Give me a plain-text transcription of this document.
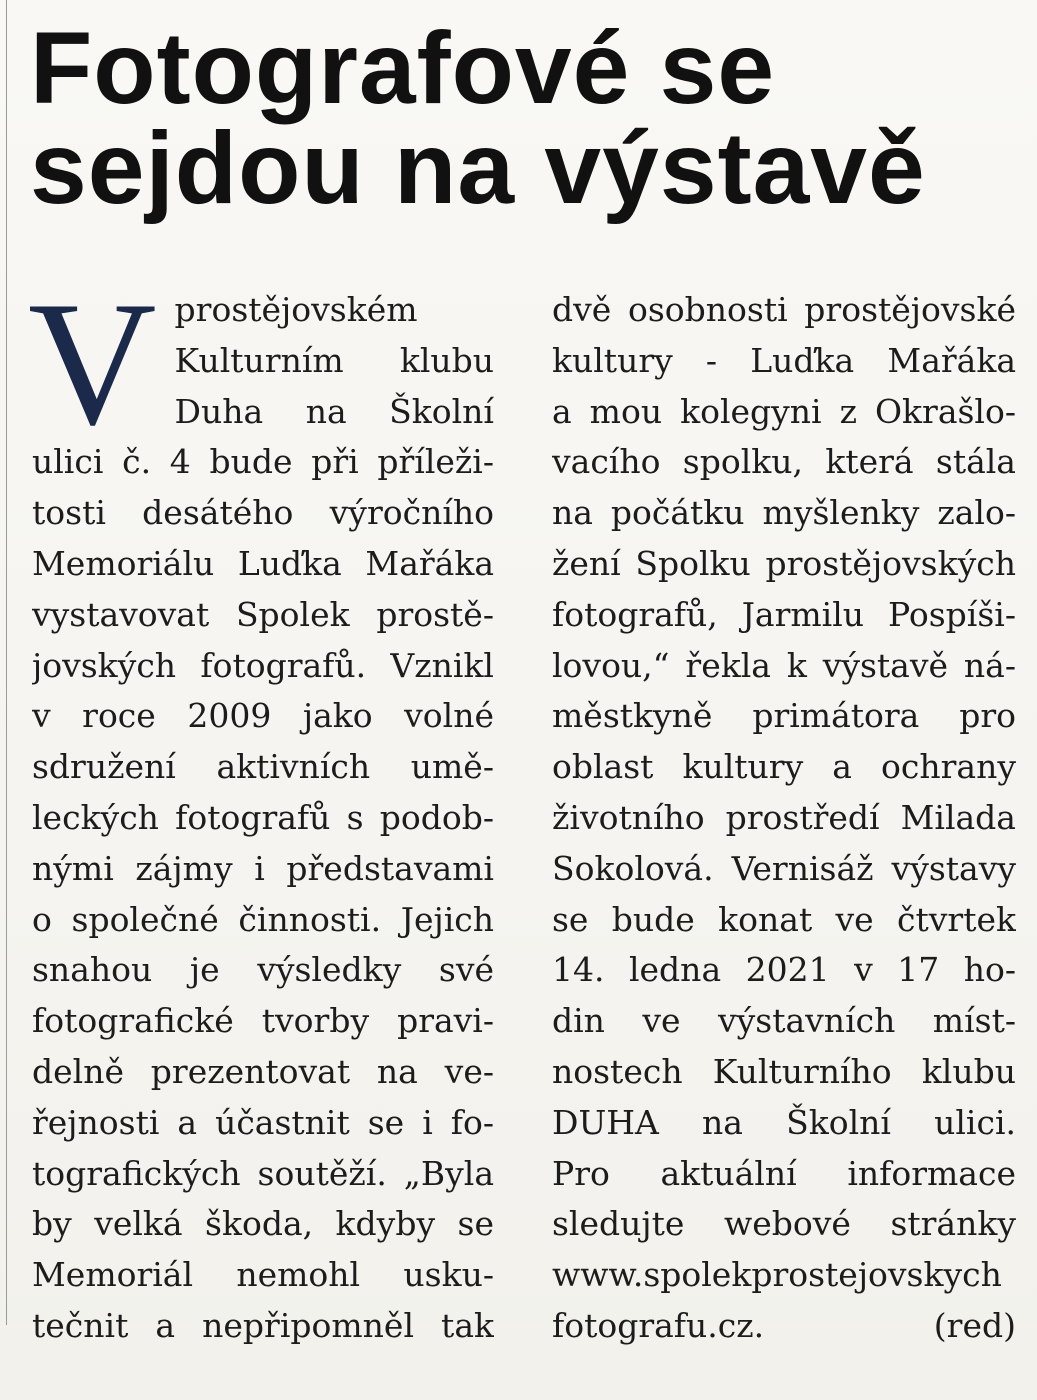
Fotografové se
sejdou na výstavě
V prostějovském
Kulturním klubu
Duha na Školní
ulici č. 4 bude při příleži-
tosti desátého výročního
Memoriálu Luďka Mařáka
vystavovat Spolek prostě-
jovských fotografů. Vznikl
v roce 2009 jako volné
sdružení aktivních umě-
leckých fotografů s podob-
nými zájmy i představami
o společné činnosti. Jejich
snahou je výsledky své
fotografické tvorby pravi-
delně prezentovat na ve-
řejnosti a účastnit se i fo-
tografických soutěží. „Byla
by velká škoda, kdyby se
Memoriál nemohl usku-
tečnit a nepřipomněl tak
dvě osobnosti prostějovské
kultury - Luďka Mařáka
a mou kolegyni z Okrašlo-
vacího spolku, která stála
na počátku myšlenky zalo-
žení Spolku prostějovských
fotografů, Jarmilu Pospíši-
lovou,“ řekla k výstavě ná-
městkyně primátora pro
oblast kultury a ochrany
životního prostředí Milada
Sokolová. Vernisáž výstavy
se bude konat ve čtvrtek
14. ledna 2021 v 17 ho-
din ve výstavních míst-
nostech Kulturního klubu
DUHA na Školní ulici.
Pro aktuální informace
sledujte webové stránky
www.spolekprostejovskych
fotografu.cz. (red)
